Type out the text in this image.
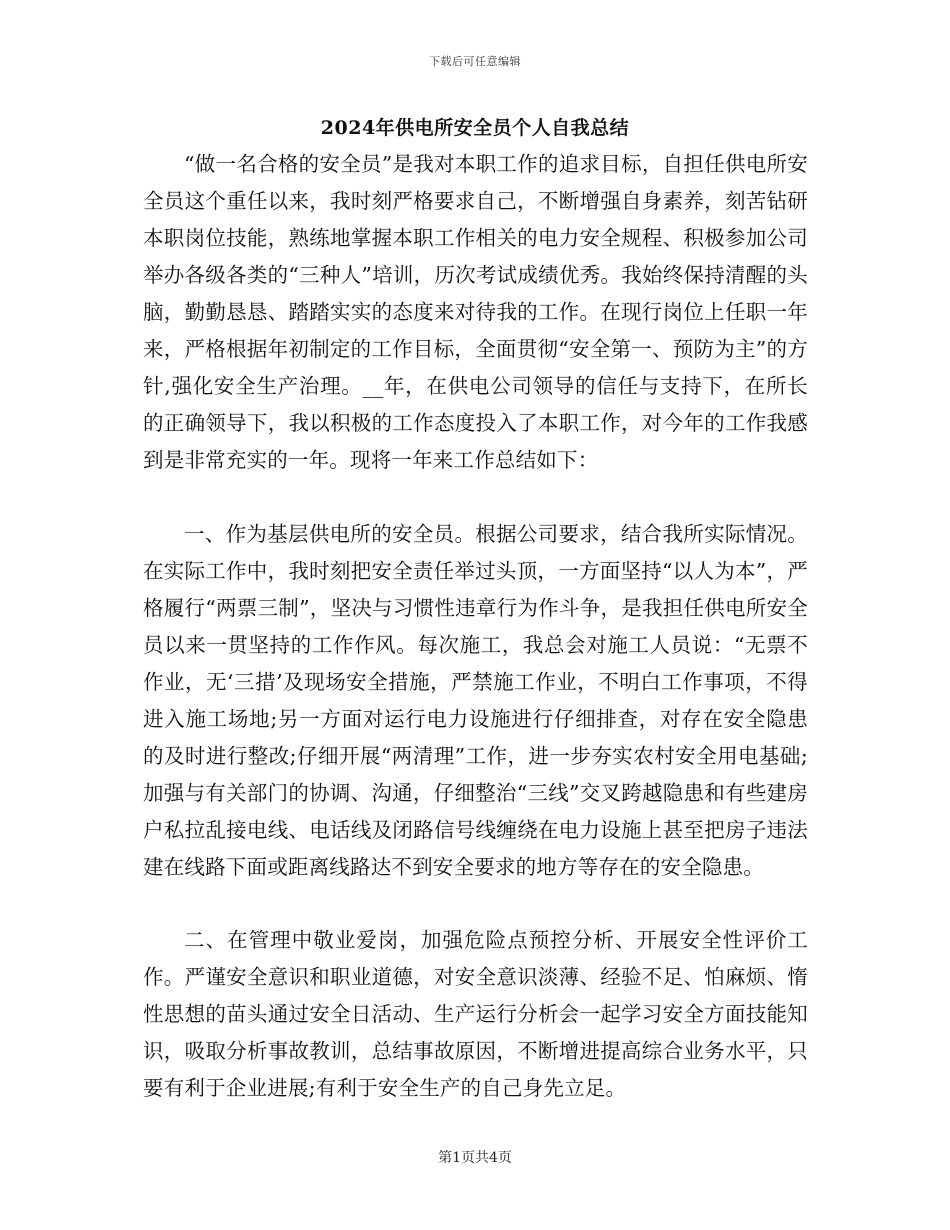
下载后可任意编辑
2024年供电所安全员个人自我总结

“做一名合格的安全员”是我对本职工作的追求目标，自担任供电所安全员这个重任以来，我时刻严格要求自己，不断增强自身素养，刻苦钻研本职岗位技能，熟练地掌握本职工作相关的电力安全规程、积极参加公司举办各级各类的“三种人”培训，历次考试成绩优秀。我始终保持清醒的头脑，勤勤恳恳、踏踏实实的态度来对待我的工作。在现行岗位上任职一年来，严格根据年初制定的工作目标，全面贯彻“安全第一、预防为主”的方针,强化安全生产治理。__年，在供电公司领导的信任与支持下，在所长的正确领导下，我以积极的工作态度投入了本职工作，对今年的工作我感到是非常充实的一年。现将一年来工作总结如下：

一、作为基层供电所的安全员。根据公司要求，结合我所实际情况。在实际工作中，我时刻把安全责任举过头顶，一方面坚持“以人为本”，严格履行“两票三制”，坚决与习惯性违章行为作斗争，是我担任供电所安全员以来一贯坚持的工作作风。每次施工，我总会对施工人员说：“无票不作业，无‘三措’及现场安全措施，严禁施工作业，不明白工作事项，不得进入施工场地;另一方面对运行电力设施进行仔细排查，对存在安全隐患的及时进行整改;仔细开展“两清理”工作，进一步夯实农村安全用电基础;加强与有关部门的协调、沟通，仔细整治“三线”交叉跨越隐患和有些建房户私拉乱接电线、电话线及闭路信号线缠绕在电力设施上甚至把房子违法建在线路下面或距离线路达不到安全要求的地方等存在的安全隐患。

二、在管理中敬业爱岗，加强危险点预控分析、开展安全性评价工作。严谨安全意识和职业道德，对安全意识淡薄、经验不足、怕麻烦、惰性思想的苗头通过安全日活动、生产运行分析会一起学习安全方面技能知识，吸取分析事故教训，总结事故原因，不断增进提高综合业务水平，只要有利于企业进展;有利于安全生产的自己身先立足。

第1页共4页
